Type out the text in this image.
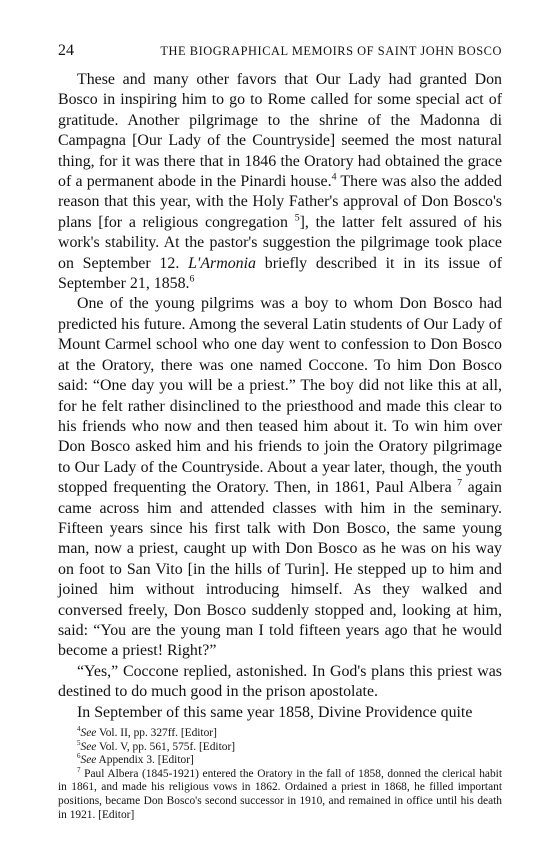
24	THE BIOGRAPHICAL MEMOIRS OF SAINT JOHN BOSCO

These and many other favors that Our Lady had granted Don Bosco in inspiring him to go to Rome called for some special act of gratitude. Another pilgrimage to the shrine of the Madonna di Campagna [Our Lady of the Countryside] seemed the most natural thing, for it was there that in 1846 the Oratory had obtained the grace of a permanent abode in the Pinardi house.$^4$ There was also the added reason that this year, with the Holy Father's approval of Don Bosco's plans [for a religious congregation $^5$], the latter felt assured of his work's stability. At the pastor's suggestion the pilgrimage took place on September 12. L'Armonia briefly described it in its issue of September 21, 1858.$^6$

One of the young pilgrims was a boy to whom Don Bosco had predicted his future. Among the several Latin students of Our Lady of Mount Carmel school who one day went to confession to Don Bosco at the Oratory, there was one named Coccone. To him Don Bosco said: “One day you will be a priest.” The boy did not like this at all, for he felt rather disinclined to the priesthood and made this clear to his friends who now and then teased him about it. To win him over Don Bosco asked him and his friends to join the Oratory pilgrimage to Our Lady of the Countryside. About a year later, though, the youth stopped frequenting the Oratory. Then, in 1861, Paul Albera $^7$ again came across him and attended classes with him in the seminary. Fifteen years since his first talk with Don Bosco, the same young man, now a priest, caught up with Don Bosco as he was on his way on foot to San Vito [in the hills of Turin]. He stepped up to him and joined him without introducing himself. As they walked and conversed freely, Don Bosco suddenly stopped and, looking at him, said: “You are the young man I told fifteen years ago that he would become a priest! Right?”

“Yes,” Coccone replied, astonished. In God's plans this priest was destined to do much good in the prison apostolate.

In September of this same year 1858, Divine Providence quite

$^4$See Vol. II, pp. 327ff. [Editor]

$^5$See Vol. V, pp. 561, 575f. [Editor]

$^6$See Appendix 3. [Editor]

$^7$ Paul Albera (1845-1921) entered the Oratory in the fall of 1858, donned the clerical habit in 1861, and made his religious vows in 1862. Ordained a priest in 1868, he filled important positions, became Don Bosco's second successor in 1910, and remained in office until his death in 1921. [Editor]
